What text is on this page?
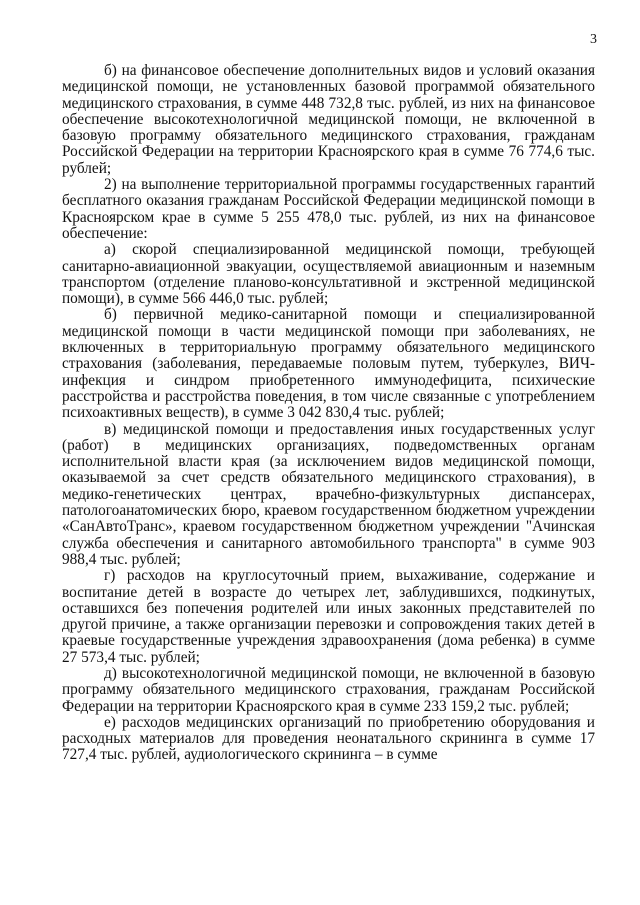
3

б) на финансовое обеспечение дополнительных видов и условий оказания медицинской помощи, не установленных базовой программой обязательного медицинского страхования, в сумме 448 732,8 тыс. рублей, из них на финансовое обеспечение высокотехнологичной медицинской помощи, не включенной в базовую программу обязательного медицинского страхования, гражданам Российской Федерации на территории Красноярского края в сумме 76 774,6 тыс. рублей;

2) на выполнение территориальной программы государственных гарантий бесплатного оказания гражданам Российской Федерации медицинской помощи в Красноярском крае в сумме 5 255 478,0 тыс. рублей, из них на финансовое обеспечение:

а) скорой специализированной медицинской помощи, требующей санитарно-авиационной эвакуации, осуществляемой авиационным и наземным транспортом (отделение планово-консультативной и экстренной медицинской помощи), в сумме 566 446,0 тыс. рублей;

б) первичной медико-санитарной помощи и специализированной медицинской помощи в части медицинской помощи при заболеваниях, не включенных в территориальную программу обязательного медицинского страхования (заболевания, передаваемые половым путем, туберкулез, ВИЧ-инфекция и синдром приобретенного иммунодефицита, психические расстройства и расстройства поведения, в том числе связанные с употреблением психоактивных веществ), в сумме 3 042 830,4 тыс. рублей;

в) медицинской помощи и предоставления иных государственных услуг (работ) в медицинских организациях, подведомственных органам исполнительной власти края (за исключением видов медицинской помощи, оказываемой за счет средств обязательного медицинского страхования), в медико-генетических центрах, врачебно-физкультурных диспансерах, патологоанатомических бюро, краевом государственном бюджетном учреждении «СанАвтоТранс», краевом государственном бюджетном учреждении "Ачинская служба обеспечения и санитарного автомобильного транспорта" в сумме 903 988,4 тыс. рублей;

г) расходов на круглосуточный прием, выхаживание, содержание и воспитание детей в возрасте до четырех лет, заблудившихся, подкинутых, оставшихся без попечения родителей или иных законных представителей по другой причине, а также организации перевозки и сопровождения таких детей в краевые государственные учреждения здравоохранения (дома ребенка) в сумме 27 573,4 тыс. рублей;

д) высокотехнологичной медицинской помощи, не включенной в базовую программу обязательного медицинского страхования, гражданам Российской Федерации на территории Красноярского края в сумме 233 159,2 тыс. рублей;

е) расходов медицинских организаций по приобретению оборудования и расходных материалов для проведения неонатального скрининга в сумме 17 727,4 тыс. рублей, аудиологического скрининга – в сумме
